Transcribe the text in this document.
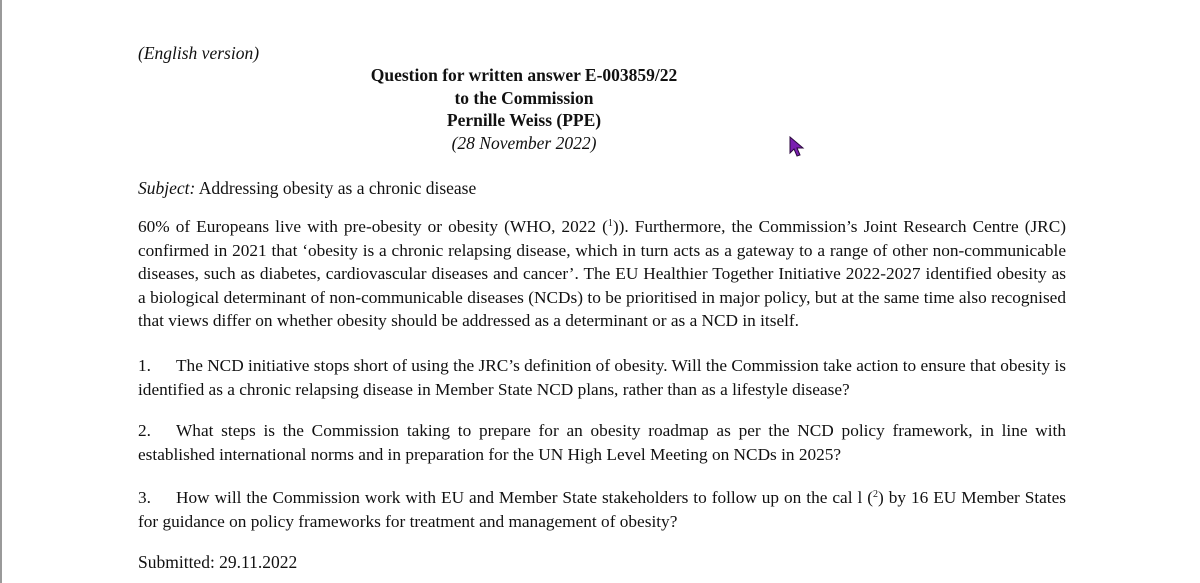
(English version)
Question for written answer E-003859/22
to the Commission
Pernille Weiss (PPE)
(28 November 2022)
Subject: Addressing obesity as a chronic disease
60% of Europeans live with pre-obesity or obesity (WHO, 2022 ($^1$)). Furthermore, the Commission’s Joint Research Centre (JRC) confirmed in 2021 that ‘obesity is a chronic relapsing disease, which in turn acts as a gateway to a range of other non-communicable diseases, such as diabetes, cardiovascular diseases and cancer’. The EU Healthier Together Initiative 2022-2027 identified obesity as a biological determinant of non-communicable diseases (NCDs) to be prioritised in major policy, but at the same time also recognised that views differ on whether obesity should be addressed as a determinant or as a NCD in itself.
1. The NCD initiative stops short of using the JRC’s definition of obesity. Will the Commission take action to ensure that obesity is identified as a chronic relapsing disease in Member State NCD plans, rather than as a lifestyle disease?
2. What steps is the Commission taking to prepare for an obesity roadmap as per the NCD policy framework, in line with established international norms and in preparation for the UN High Level Meeting on NCDs in 2025?
3. How will the Commission work with EU and Member State stakeholders to follow up on the cal l ($^2$) by 16 EU Member States for guidance on policy frameworks for treatment and management of obesity?
Submitted: 29.11.2022
